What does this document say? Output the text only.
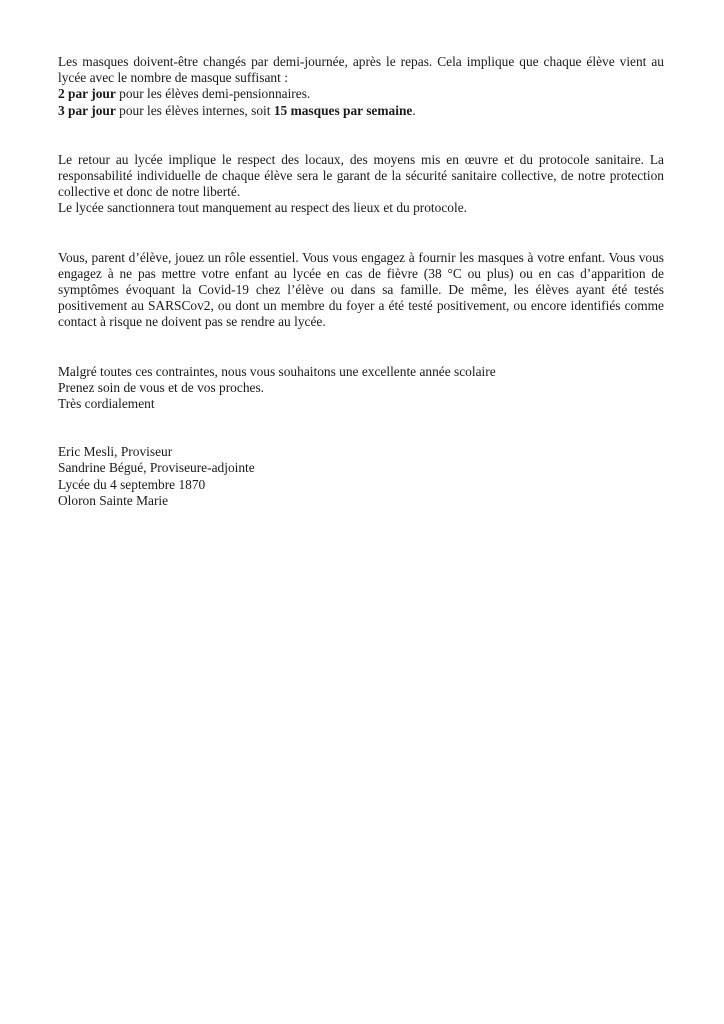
Les masques doivent-être changés par demi-journée, après le repas. Cela implique que chaque élève vient au lycée avec le nombre de masque suffisant :

2 par jour pour les élèves demi-pensionnaires.

3 par jour pour les élèves internes, soit 15 masques par semaine.

Le retour au lycée implique le respect des locaux, des moyens mis en œuvre et du protocole sanitaire. La responsabilité individuelle de chaque élève sera le garant de la sécurité sanitaire collective, de notre protection collective et donc de notre liberté.

Le lycée sanctionnera tout manquement au respect des lieux et du protocole.

Vous, parent d’élève, jouez un rôle essentiel. Vous vous engagez à fournir les masques à votre enfant. Vous vous engagez à ne pas mettre votre enfant au lycée en cas de fièvre (38 °C ou plus) ou en cas d’apparition de symptômes évoquant la Covid-19 chez l’élève ou dans sa famille. De même, les élèves ayant été testés positivement au SARSCov2, ou dont un membre du foyer a été testé positivement, ou encore identifiés comme contact à risque ne doivent pas se rendre au lycée.

Malgré toutes ces contraintes, nous vous souhaitons une excellente année scolaire
Prenez soin de vous et de vos proches.
Très cordialement
Eric Mesli, Proviseur
Sandrine Bégué, Proviseure-adjointe
Lycée du 4 septembre 1870
Oloron Sainte Marie
